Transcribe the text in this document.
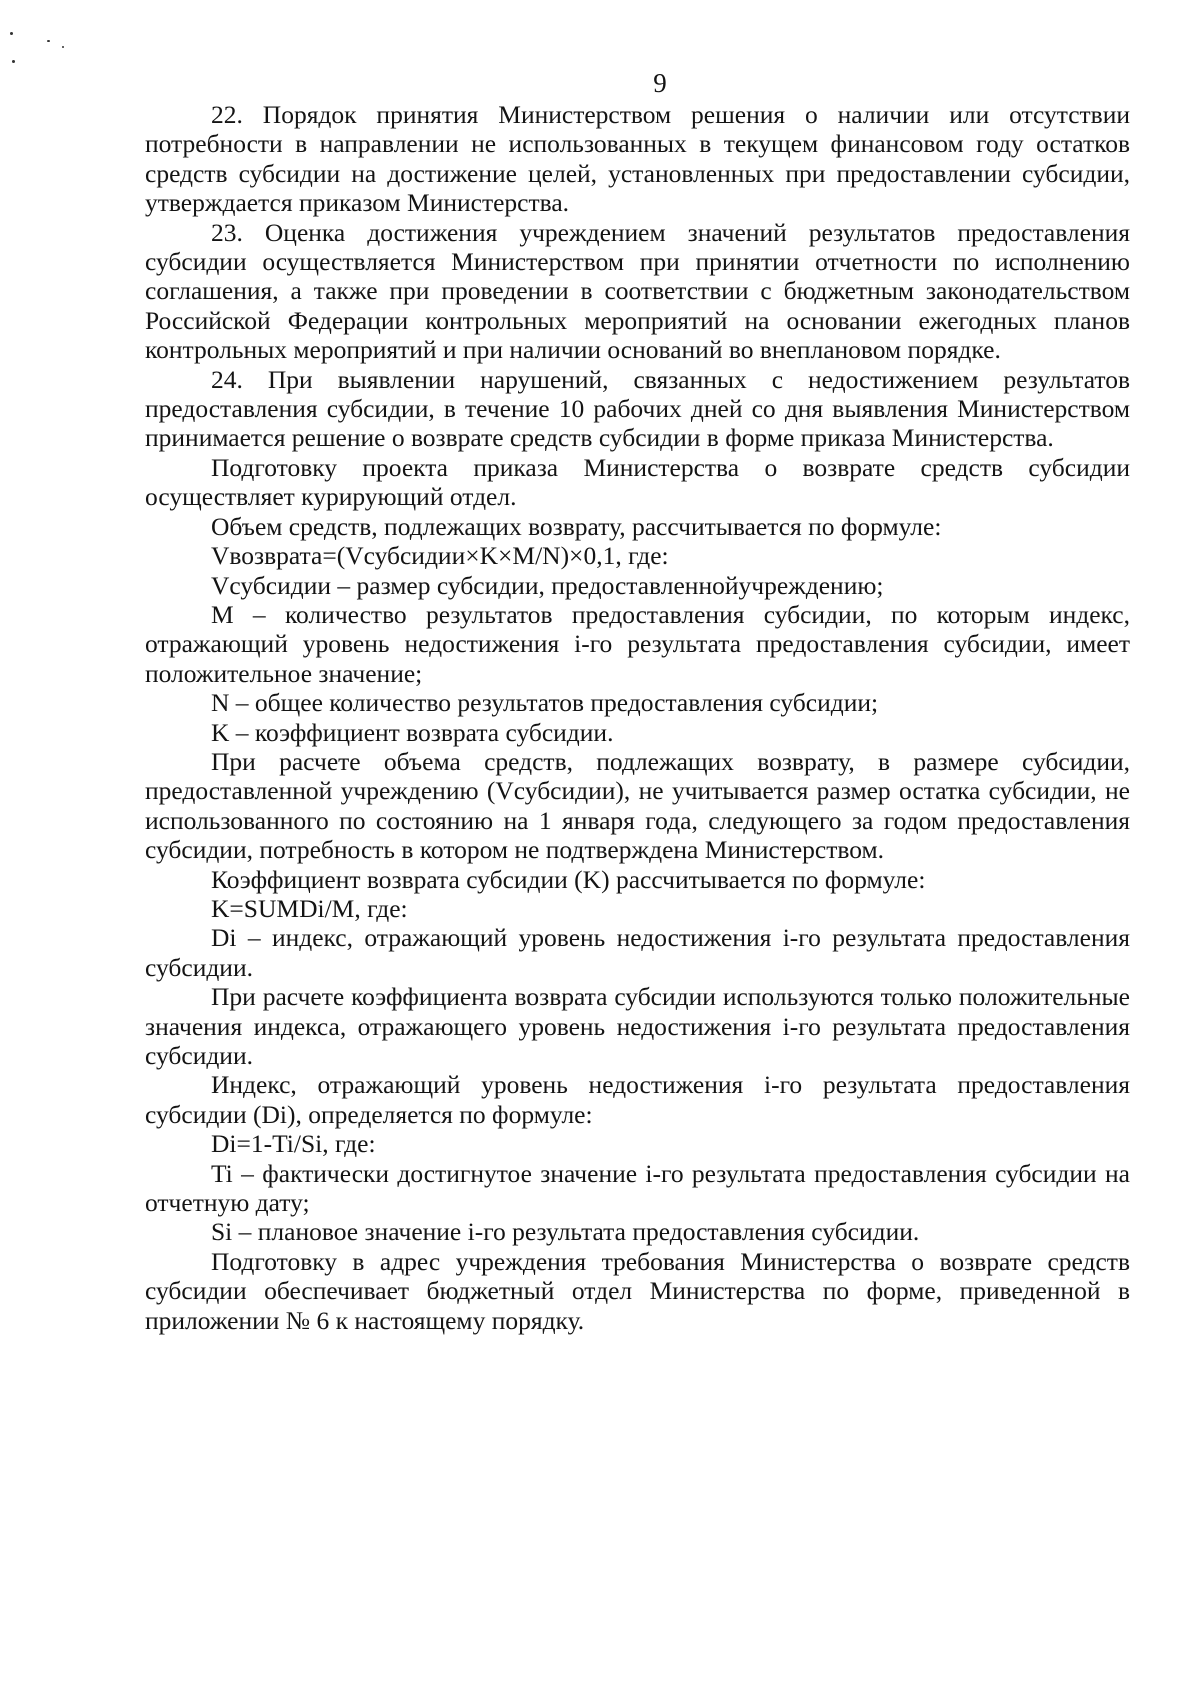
9

22. Порядок принятия Министерством решения о наличии или отсутствии потребности в направлении не использованных в текущем финансовом году остатков средств субсидии на достижение целей, установленных при предоставлении субсидии, утверждается приказом Министерства.

23. Оценка достижения учреждением значений результатов предоставления субсидии осуществляется Министерством при принятии отчетности по исполнению соглашения, а также при проведении в соответствии с бюджетным законодательством Российской Федерации контрольных мероприятий на основании ежегодных планов контрольных мероприятий и при наличии оснований во внеплановом порядке.

24. При выявлении нарушений, связанных с недостижением результатов предоставления субсидии, в течение 10 рабочих дней со дня выявления Министерством принимается решение о возврате средств субсидии в форме приказа Министерства.

Подготовку проекта приказа Министерства о возврате средств субсидии осуществляет курирующий отдел.

Объем средств, подлежащих возврату, рассчитывается по формуле:

Vвозврата=(Vсубсидии×K×M/N)×0,1, где:

Vсубсидии – размер субсидии, предоставленнойучреждению;

M – количество результатов предоставления субсидии, по которым индекс, отражающий уровень недостижения i-го результата предоставления субсидии, имеет положительное значение;

N – общее количество результатов предоставления субсидии;

K – коэффициент возврата субсидии.

При расчете объема средств, подлежащих возврату, в размере субсидии, предоставленной учреждению (Vсубсидии), не учитывается размер остатка субсидии, не использованного по состоянию на 1 января года, следующего за годом предоставления субсидии, потребность в котором не подтверждена Министерством.

Коэффициент возврата субсидии (K) рассчитывается по формуле:

K=SUMDi/M, где:

Di – индекс, отражающий уровень недостижения i-го результата предоставления субсидии.

При расчете коэффициента возврата субсидии используются только положительные значения индекса, отражающего уровень недостижения i-го результата предоставления субсидии.

Индекс, отражающий уровень недостижения i-го результата предоставления субсидии (Di), определяется по формуле:

Di=1-Ti/Si, где:

Ti – фактически достигнутое значение i-го результата предоставления субсидии на отчетную дату;

Si – плановое значение i-го результата предоставления субсидии.

Подготовку в адрес учреждения требования Министерства о возврате средств субсидии обеспечивает бюджетный отдел Министерства по форме, приведенной в приложении № 6 к настоящему порядку.
